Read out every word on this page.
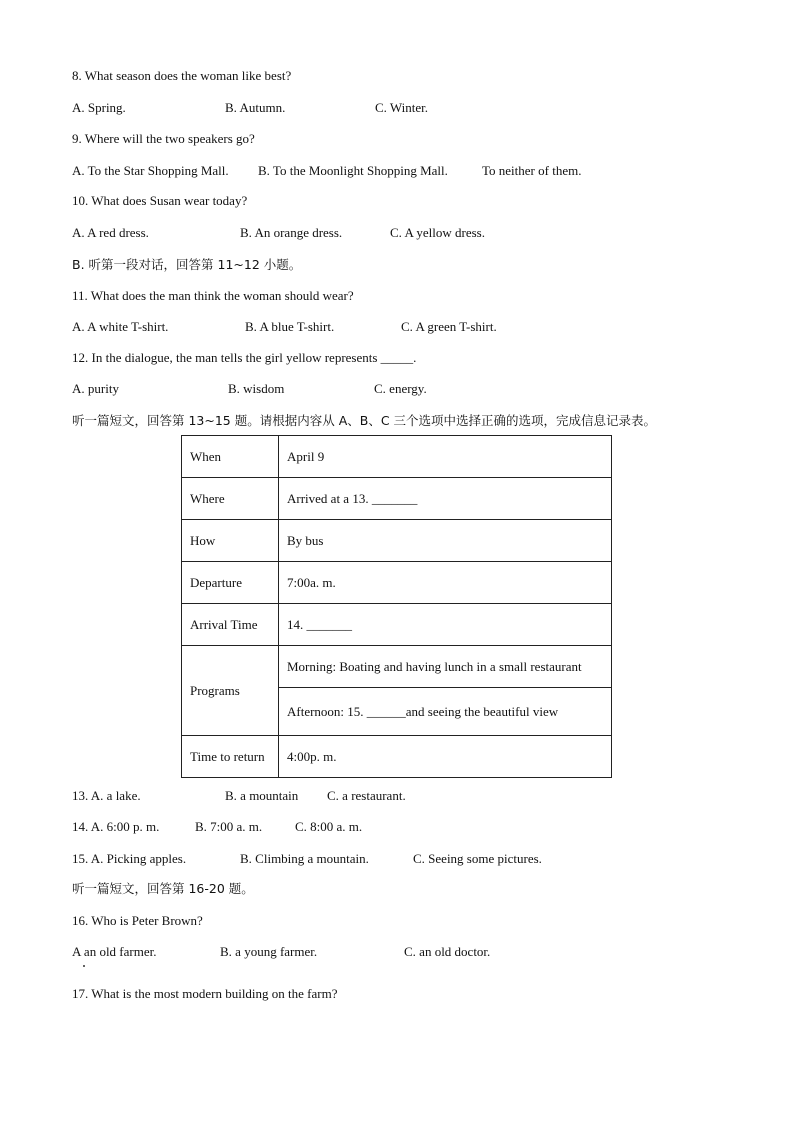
8. What season does the woman like best?
A. Spring.	B. Autumn.	C. Winter.
9. Where will the two speakers go?
A. To the Star Shopping Mall. B. To the Moonlight Shopping Mall.	To neither of them.
10. What does Susan wear today?
A. A red dress.	B. An orange dress.	C. A yellow dress.
B. 听第一段对话，回答第 11~12 小题。
11. What does the man think the woman should wear?
A. A white T-shirt.	B. A blue T-shirt.	C. A green T-shirt.
12. In the dialogue, the man tells the girl yellow represents _____.
A. purity	B. wisdom	C. energy.
听一篇短文，回答第 13~15 题。请根据内容从 A、B、C 三个选项中选择正确的选项，完成信息记录表。
When	April 9
Where	Arrived at a 13. _______
How	By bus
Departure	7:00a. m.
Arrival Time	14. _______
Programs	Morning: Boating and having lunch in a small restaurant
	Afternoon: 15. ______and seeing the beautiful view
Time to return	4:00p. m.
13. A. a lake.	B. a mountain C. a restaurant.
14. A. 6:00 p. m.	B. 7:00 a. m.	C. 8:00 a. m.
15. A. Picking apples.	B. Climbing a mountain.	C. Seeing some pictures.
听一篇短文，回答第 16-20 题。
16. Who is Peter Brown?
A an old farmer.	B. a young farmer.	C. an old doctor.
17. What is the most modern building on the farm?
